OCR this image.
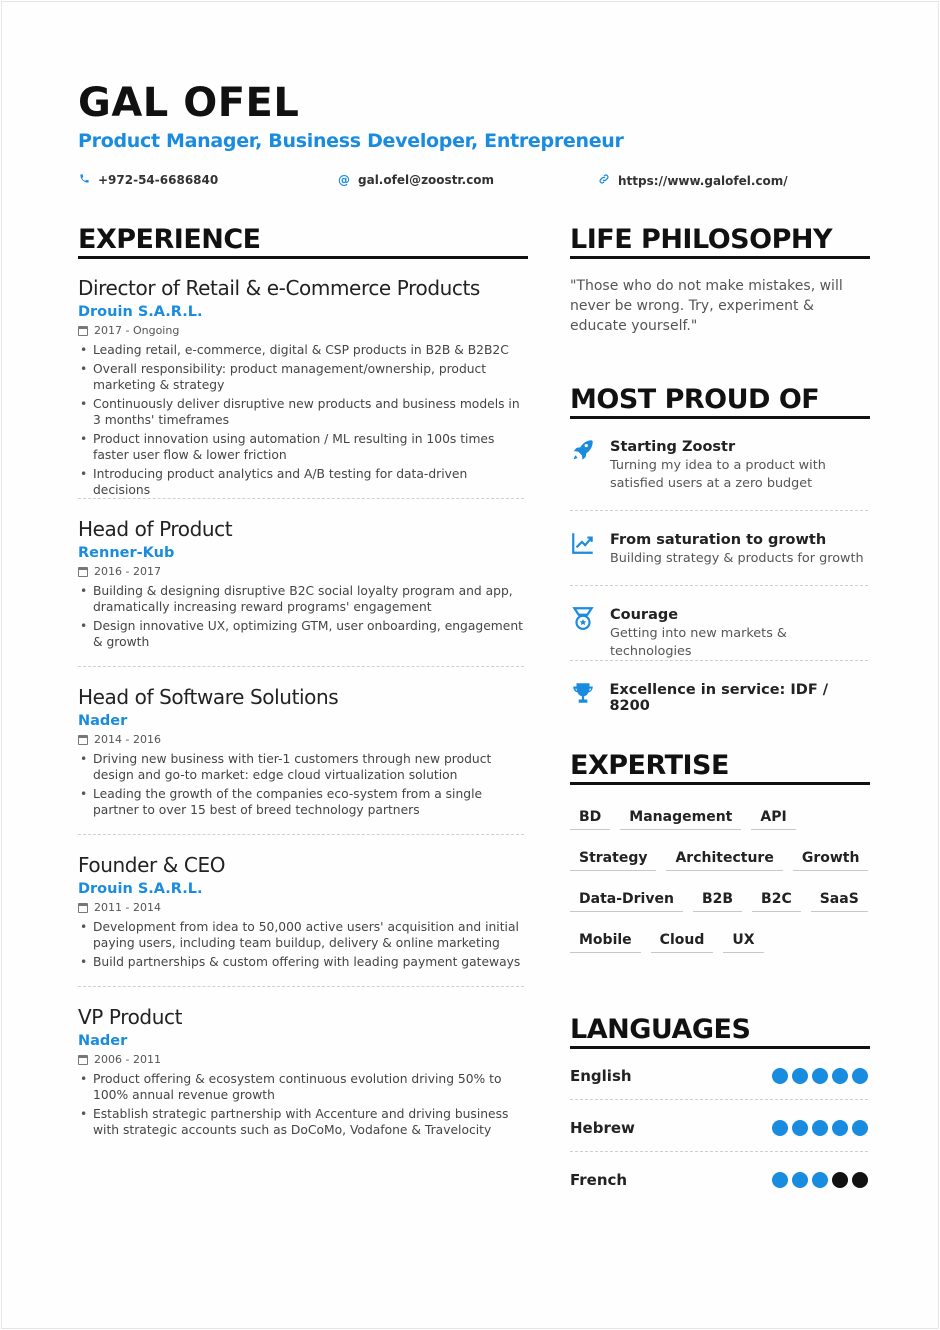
GAL OFEL
Product Manager, Business Developer, Entrepreneur
+972-54-6686840	@ gal.ofel@zoostr.com	https://www.galofel.com/
EXPERIENCE
Director of Retail & e-Commerce Products
Drouin S.A.R.L.
2017 - Ongoing
• Leading retail, e-commerce, digital & CSP products in B2B & B2B2C
• Overall responsibility: product management/ownership, product marketing & strategy
• Continuously deliver disruptive new products and business models in 3 months' timeframes
• Product innovation using automation / ML resulting in 100s times faster user flow & lower friction
• Introducing product analytics and A/B testing for data-driven decisions
Head of Product
Renner-Kub
2016 - 2017
• Building & designing disruptive B2C social loyalty program and app, dramatically increasing reward programs' engagement
• Design innovative UX, optimizing GTM, user onboarding, engagement & growth
Head of Software Solutions
Nader
2014 - 2016
• Driving new business with tier-1 customers through new product design and go-to market: edge cloud virtualization solution
• Leading the growth of the companies eco-system from a single partner to over 15 best of breed technology partners
Founder & CEO
Drouin S.A.R.L.
2011 - 2014
• Development from idea to 50,000 active users' acquisition and initial paying users, including team buildup, delivery & online marketing
• Build partnerships & custom offering with leading payment gateways
VP Product
Nader
2006 - 2011
• Product offering & ecosystem continuous evolution driving 50% to 100% annual revenue growth
• Establish strategic partnership with Accenture and driving business with strategic accounts such as DoCoMo, Vodafone & Travelocity
LIFE PHILOSOPHY
"Those who do not make mistakes, will never be wrong. Try, experiment & educate yourself."
MOST PROUD OF
Starting Zoostr
Turning my idea to a product with satisfied users at a zero budget
From saturation to growth
Building strategy & products for growth
Courage
Getting into new markets & technologies
Excellence in service: IDF / 8200
EXPERTISE
BD	Management	API
Strategy	Architecture	Growth
Data-Driven	B2B	B2C	SaaS
Mobile	Cloud	UX
LANGUAGES
English
Hebrew
French
